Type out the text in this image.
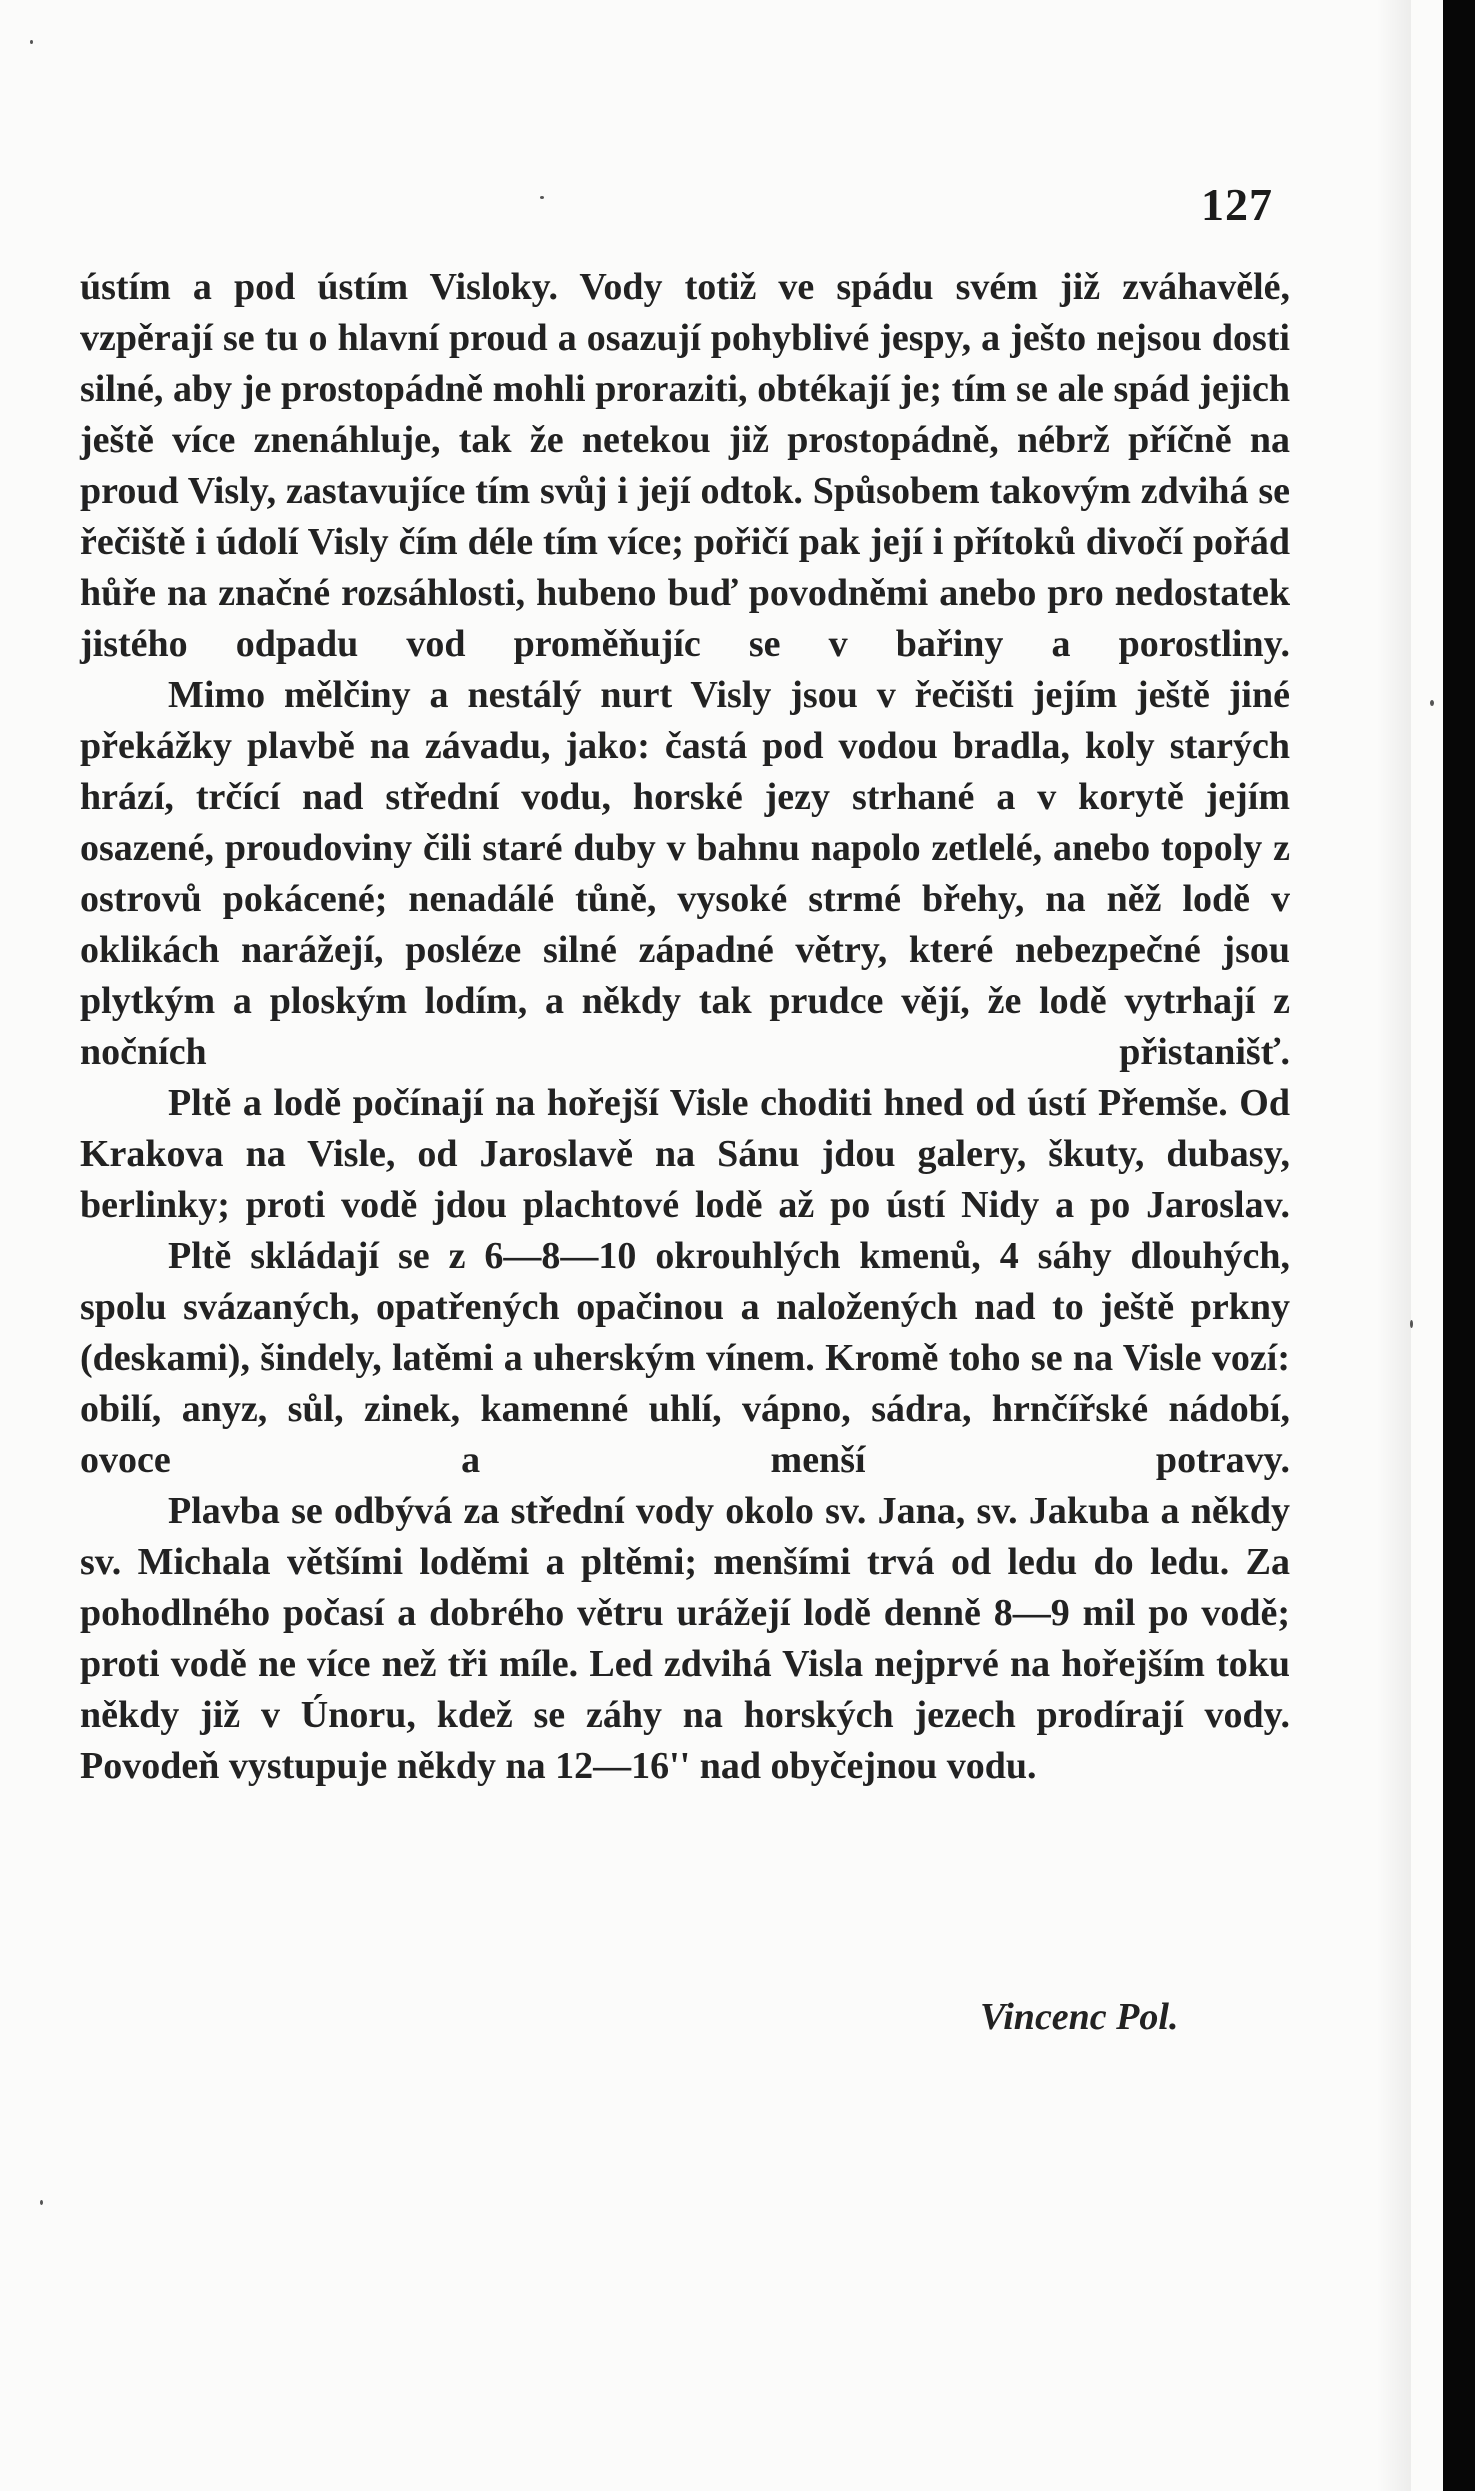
127

ústím a pod ústím Visloky. Vody totiž ve spádu svém již zváhavělé, vzpěrají se tu o hlavní proud a osazují pohyblivé jespy, a ješto nejsou dosti silné, aby je prostopádně mohli proraziti, obtékají je; tím se ale spád jejich ještě více znenáhluje, tak že netekou již prostopádně, nébrž příčně na proud Visly, zastavujíce tím svůj i její odtok. Spůsobem takovým zdvihá se řečiště i údolí Visly čím déle tím více; pořičí pak její i přítoků divočí pořád hůře na značné rozsáhlosti, hubeno buď povodněmi anebo pro nedostatek jistého odpadu vod proměňujíc se v bařiny a porostliny.

Mimo mělčiny a nestálý nurt Visly jsou v řečišti jejím ještě jiné překážky plavbě na závadu, jako: častá pod vodou bradla, koly starých hrází, trčící nad střední vodu, horské jezy strhané a v korytě jejím osazené, proudoviny čili staré duby v bahnu napolo zetlelé, anebo topoly z ostrovů pokácené; nenadálé tůně, vysoké strmé břehy, na něž lodě v oklikách narážejí, posléze silné západné větry, které nebezpečné jsou plytkým a ploským lodím, a někdy tak prudce vějí, že lodě vytrhají z nočních přistanišť.

Pltě a lodě počínají na hořejší Visle choditi hned od ústí Přemše. Od Krakova na Visle, od Jaroslavě na Sánu jdou galery, škuty, dubasy, berlinky; proti vodě jdou plachtové lodě až po ústí Nidy a po Jaroslav.

Pltě skládají se z 6—8—10 okrouhlých kmenů, 4 sáhy dlouhých, spolu svázaných, opatřených opačinou a naložených nad to ještě prkny (deskami), šindely, latěmi a uherským vínem. Kromě toho se na Visle vozí: obilí, anyz, sůl, zinek, kamenné uhlí, vápno, sádra, hrnčířské nádobí, ovoce a menší potravy.

Plavba se odbývá za střední vody okolo sv. Jana, sv. Jakuba a někdy sv. Michala většími loděmi a pltěmi; menšími trvá od ledu do ledu. Za pohodlného počasí a dobrého větru urážejí lodě denně 8—9 mil po vodě; proti vodě ne více než tři míle. Led zdvihá Visla nejprvé na hořejším toku někdy již v Únoru, kdež se záhy na horských jezech prodírají vody. Povodeň vystupuje někdy na 12—16'' nad obyčejnou vodu.

Vincenc Pol.
